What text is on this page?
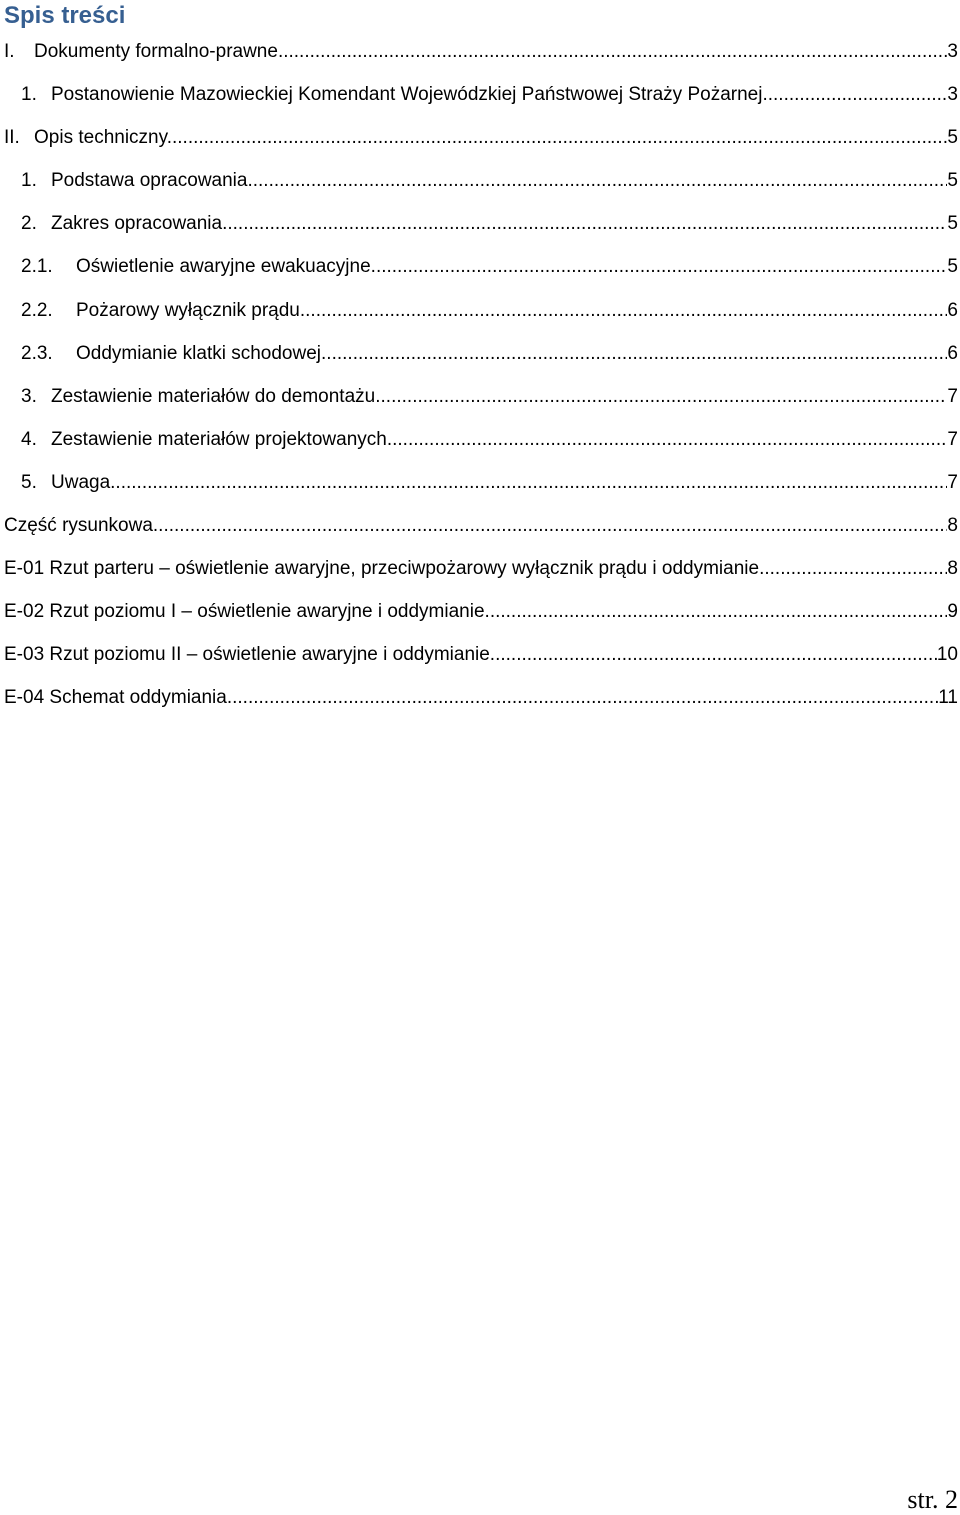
Spis treści
I.	Dokumenty formalno-prawne. .....	3
1. Postanowienie Mazowieckiej Komendant Wojewódzkiej Państwowej Straży Pożarnej. .....	3
II. Opis techniczny. .....	5
1. Podstawa opracowania. .....	5
2. Zakres opracowania .....	5
2.1.	Oświetlenie awaryjne ewakuacyjne. .....	5
2.2.	Pożarowy wyłącznik prądu. .....	6
2.3.	Oddymianie klatki schodowej. .....	6
3. Zestawienie materiałów do demontażu. .....	7
4. Zestawienie materiałów projektowanych. .....	7
5. Uwaga. .....	7
Część rysunkowa .....	8
E-01 Rzut parteru – oświetlenie awaryjne, przeciwpożarowy wyłącznik prądu i oddymianie. .....	8
E-02 Rzut poziomu I – oświetlenie awaryjne i oddymianie. .....	9
E-03 Rzut poziomu II – oświetlenie awaryjne i oddymianie. .....	10
E-04 Schemat oddymiania. .....	11
str. 2
